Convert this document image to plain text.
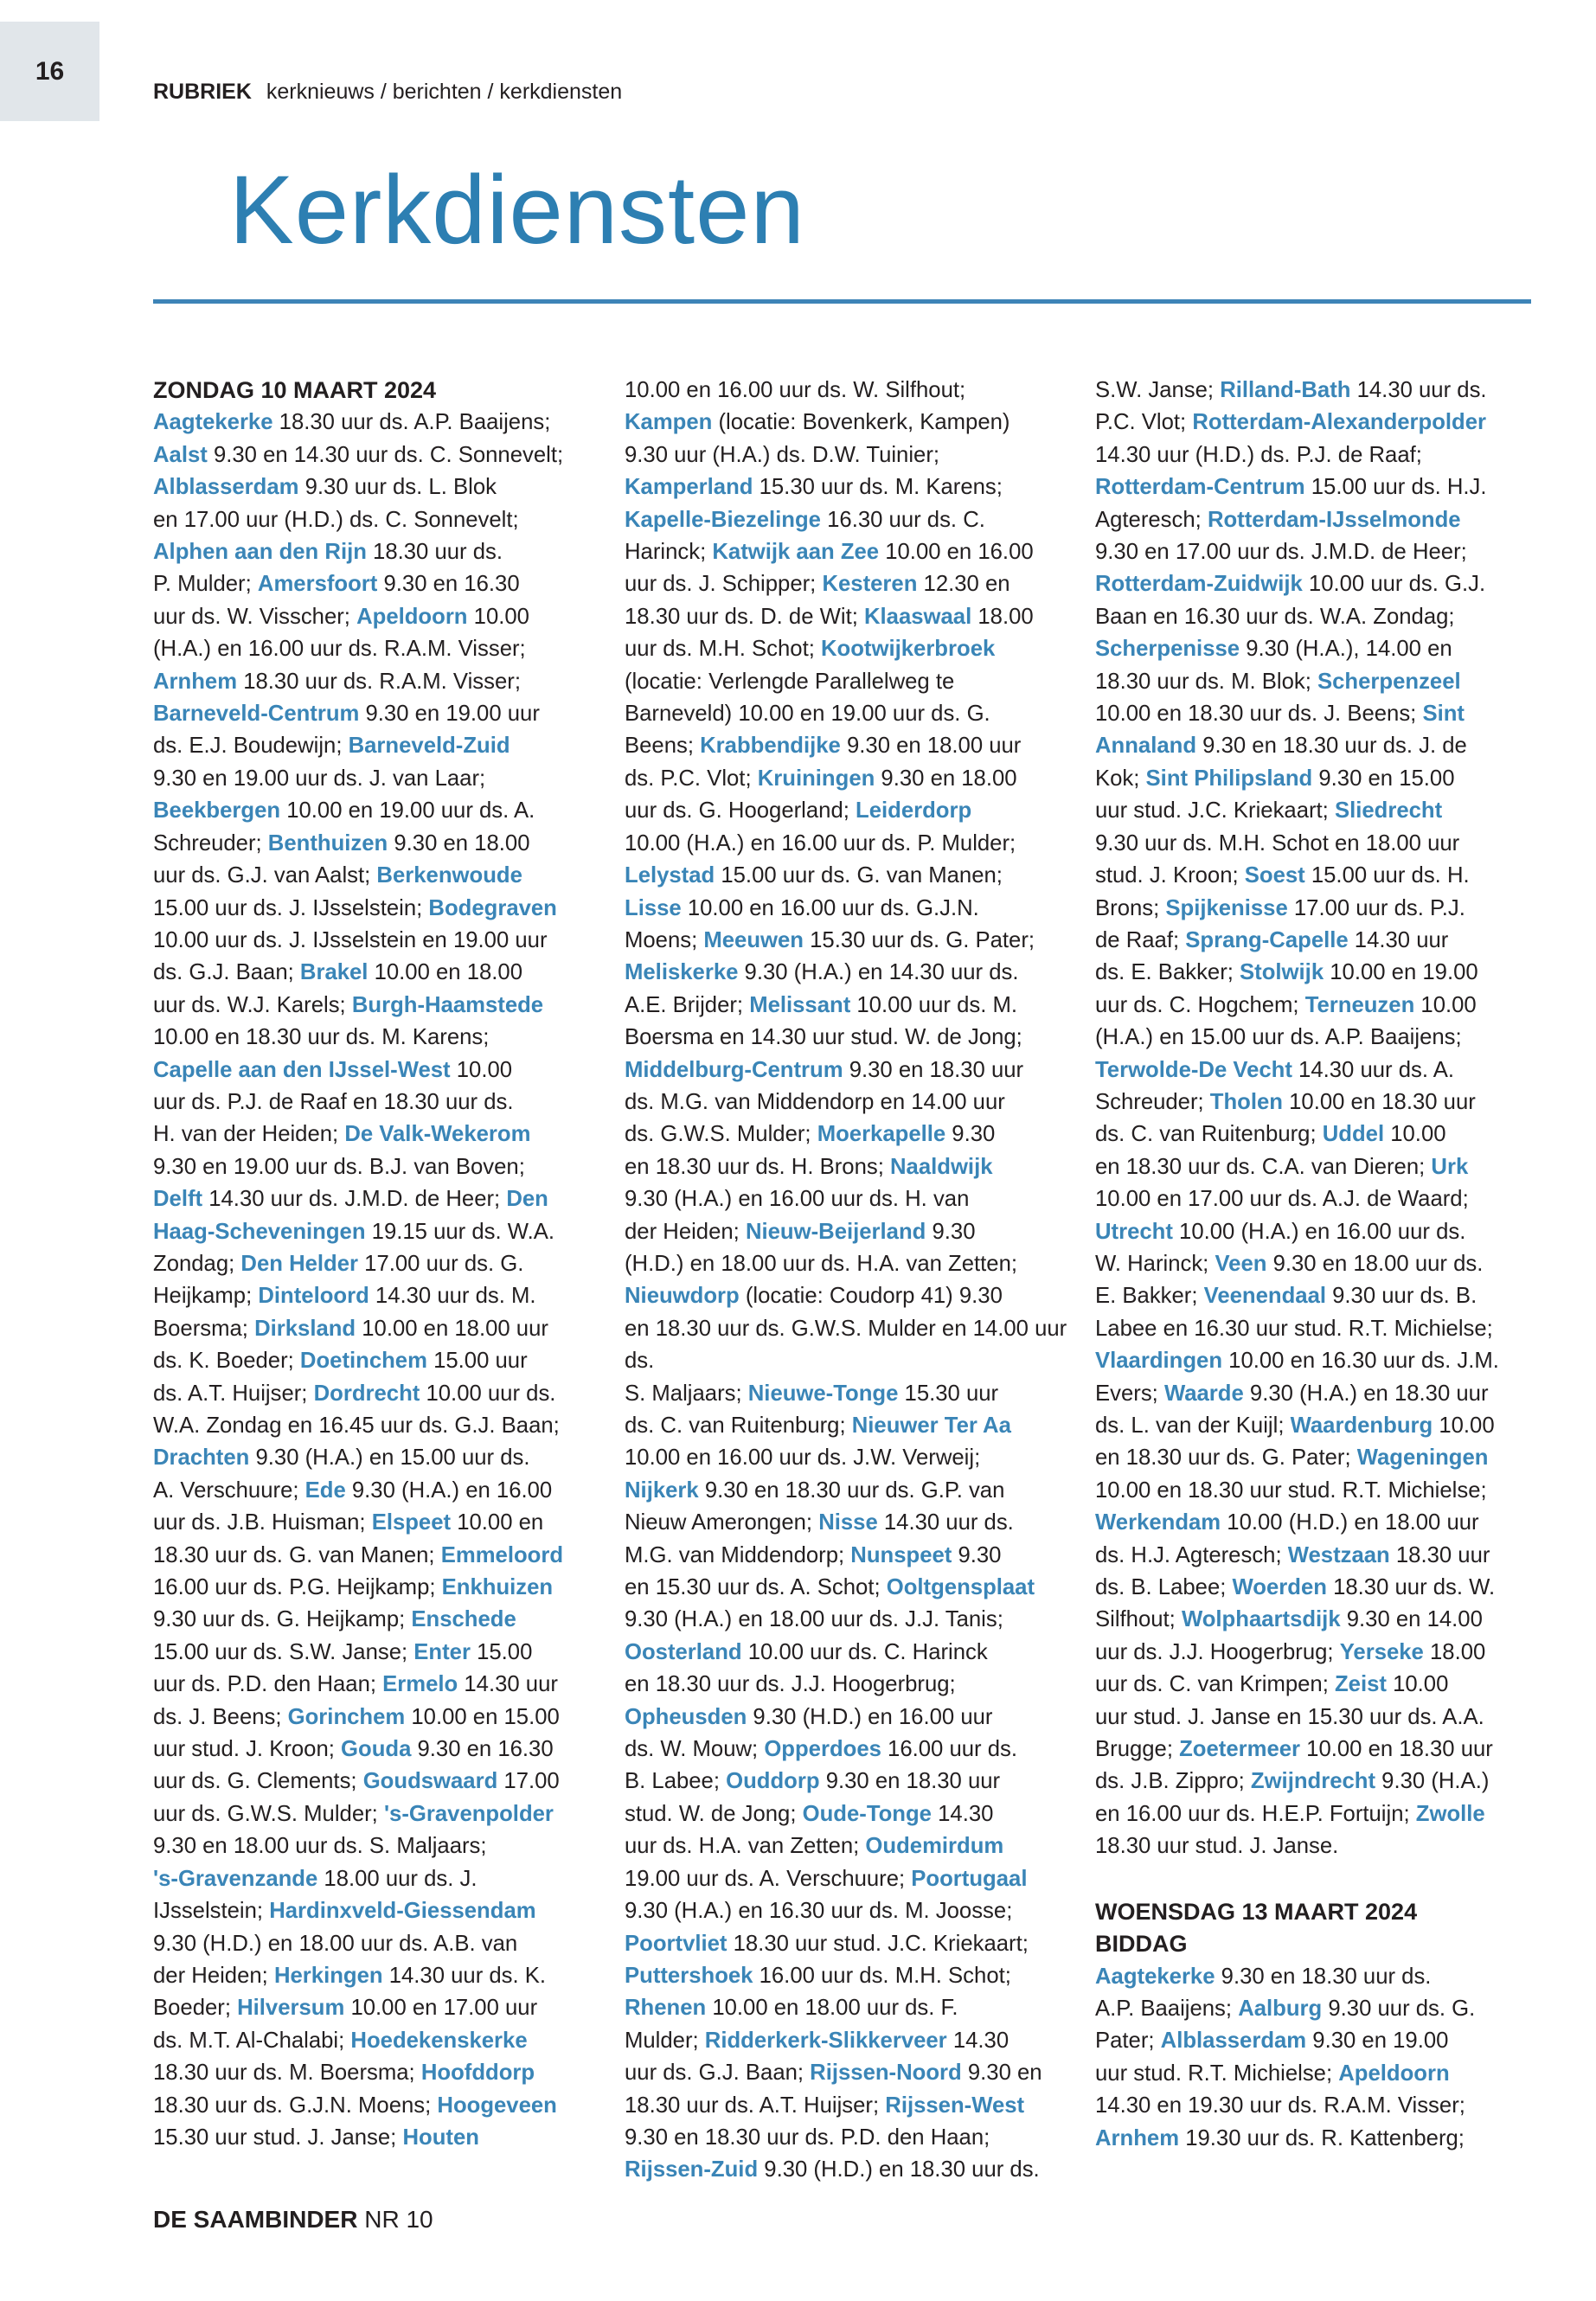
16
RUBRIEK kerknieuws / berichten / kerkdiensten
Kerkdiensten
ZONDAG 10 MAART 2024
Aagtekerke 18.30 uur ds. A.P. Baaijens;
Aalst 9.30 en 14.30 uur ds. C. Sonnevelt;
Alblasserdam 9.30 uur ds. L. Blok
en 17.00 uur (H.D.) ds. C. Sonnevelt;
Alphen aan den Rijn 18.30 uur ds.
P. Mulder; Amersfoort 9.30 en 16.30
uur ds. W. Visscher; Apeldoorn 10.00
(H.A.) en 16.00 uur ds. R.A.M. Visser;
Arnhem 18.30 uur ds. R.A.M. Visser;
Barneveld-Centrum 9.30 en 19.00 uur
ds. E.J. Boudewijn; Barneveld-Zuid
9.30 en 19.00 uur ds. J. van Laar;
Beekbergen 10.00 en 19.00 uur ds. A.
Schreuder; Benthuizen 9.30 en 18.00
uur ds. G.J. van Aalst; Berkenwoude
15.00 uur ds. J. IJsselstein; Bodegraven
10.00 uur ds. J. IJsselstein en 19.00 uur
ds. G.J. Baan; Brakel 10.00 en 18.00
uur ds. W.J. Karels; Burgh-Haamstede
10.00 en 18.30 uur ds. M. Karens;
Capelle aan den IJssel-West 10.00
uur ds. P.J. de Raaf en 18.30 uur ds.
H. van der Heiden; De Valk-Wekerom
9.30 en 19.00 uur ds. B.J. van Boven;
Delft 14.30 uur ds. J.M.D. de Heer; Den
Haag-Scheveningen 19.15 uur ds. W.A.
Zondag; Den Helder 17.00 uur ds. G.
Heijkamp; Dinteloord 14.30 uur ds. M.
Boersma; Dirksland 10.00 en 18.00 uur
ds. K. Boeder; Doetinchem 15.00 uur
ds. A.T. Huijser; Dordrecht 10.00 uur ds.
W.A. Zondag en 16.45 uur ds. G.J. Baan;
Drachten 9.30 (H.A.) en 15.00 uur ds.
A. Verschuure; Ede 9.30 (H.A.) en 16.00
uur ds. J.B. Huisman; Elspeet 10.00 en
18.30 uur ds. G. van Manen; Emmeloord
16.00 uur ds. P.G. Heijkamp; Enkhuizen
9.30 uur ds. G. Heijkamp; Enschede
15.00 uur ds. S.W. Janse; Enter 15.00
uur ds. P.D. den Haan; Ermelo 14.30 uur
ds. J. Beens; Gorinchem 10.00 en 15.00
uur stud. J. Kroon; Gouda 9.30 en 16.30
uur ds. G. Clements; Goudswaard 17.00
uur ds. G.W.S. Mulder; 's-Gravenpolder
9.30 en 18.00 uur ds. S. Maljaars;
's-Gravenzande 18.00 uur ds. J.
IJsselstein; Hardinxveld-Giessendam
9.30 (H.D.) en 18.00 uur ds. A.B. van
der Heiden; Herkingen 14.30 uur ds. K.
Boeder; Hilversum 10.00 en 17.00 uur
ds. M.T. Al-Chalabi; Hoedekenskerke
18.30 uur ds. M. Boersma; Hoofddorp
18.30 uur ds. G.J.N. Moens; Hoogeveen
15.30 uur stud. J. Janse; Houten
10.00 en 16.00 uur ds. W. Silfhout;
Kampen (locatie: Bovenkerk, Kampen)
9.30 uur (H.A.) ds. D.W. Tuinier;
Kamperland 15.30 uur ds. M. Karens;
Kapelle-Biezelinge 16.30 uur ds. C.
Harinck; Katwijk aan Zee 10.00 en 16.00
uur ds. J. Schipper; Kesteren 12.30 en
18.30 uur ds. D. de Wit; Klaaswaal 18.00
uur ds. M.H. Schot; Kootwijkerbroek
(locatie: Verlengde Parallelweg te
Barneveld) 10.00 en 19.00 uur ds. G.
Beens; Krabbendijke 9.30 en 18.00 uur
ds. P.C. Vlot; Kruiningen 9.30 en 18.00
uur ds. G. Hoogerland; Leiderdorp
10.00 (H.A.) en 16.00 uur ds. P. Mulder;
Lelystad 15.00 uur ds. G. van Manen;
Lisse 10.00 en 16.00 uur ds. G.J.N.
Moens; Meeuwen 15.30 uur ds. G. Pater;
Meliskerke 9.30 (H.A.) en 14.30 uur ds.
A.E. Brijder; Melissant 10.00 uur ds. M.
Boersma en 14.30 uur stud. W. de Jong;
Middelburg-Centrum 9.30 en 18.30 uur
ds. M.G. van Middendorp en 14.00 uur
ds. G.W.S. Mulder; Moerkapelle 9.30
en 18.30 uur ds. H. Brons; Naaldwijk
9.30 (H.A.) en 16.00 uur ds. H. van
der Heiden; Nieuw-Beijerland 9.30
(H.D.) en 18.00 uur ds. H.A. van Zetten;
Nieuwdorp (locatie: Coudorp 41) 9.30
en 18.30 uur ds. G.W.S. Mulder en 14.00 uur ds.
S. Maljaars; Nieuwe-Tonge 15.30 uur
ds. C. van Ruitenburg; Nieuwer Ter Aa
10.00 en 16.00 uur ds. J.W. Verweij;
Nijkerk 9.30 en 18.30 uur ds. G.P. van
Nieuw Amerongen; Nisse 14.30 uur ds.
M.G. van Middendorp; Nunspeet 9.30
en 15.30 uur ds. A. Schot; Ooltgensplaat
9.30 (H.A.) en 18.00 uur ds. J.J. Tanis;
Oosterland 10.00 uur ds. C. Harinck
en 18.30 uur ds. J.J. Hoogerbrug;
Opheusden 9.30 (H.D.) en 16.00 uur
ds. W. Mouw; Opperdoes 16.00 uur ds.
B. Labee; Ouddorp 9.30 en 18.30 uur
stud. W. de Jong; Oude-Tonge 14.30
uur ds. H.A. van Zetten; Oudemirdum
19.00 uur ds. A. Verschuure; Poortugaal
9.30 (H.A.) en 16.30 uur ds. M. Joosse;
Poortvliet 18.30 uur stud. J.C. Kriekaart;
Puttershoek 16.00 uur ds. M.H. Schot;
Rhenen 10.00 en 18.00 uur ds. F.
Mulder; Ridderkerk-Slikkerveer 14.30
uur ds. G.J. Baan; Rijssen-Noord 9.30 en
18.30 uur ds. A.T. Huijser; Rijssen-West
9.30 en 18.30 uur ds. P.D. den Haan;
Rijssen-Zuid 9.30 (H.D.) en 18.30 uur ds.
S.W. Janse; Rilland-Bath 14.30 uur ds.
P.C. Vlot; Rotterdam-Alexanderpolder
14.30 uur (H.D.) ds. P.J. de Raaf;
Rotterdam-Centrum 15.00 uur ds. H.J.
Agteresch; Rotterdam-IJsselmonde
9.30 en 17.00 uur ds. J.M.D. de Heer;
Rotterdam-Zuidwijk 10.00 uur ds. G.J.
Baan en 16.30 uur ds. W.A. Zondag;
Scherpenisse 9.30 (H.A.), 14.00 en
18.30 uur ds. M. Blok; Scherpenzeel
10.00 en 18.30 uur ds. J. Beens; Sint
Annaland 9.30 en 18.30 uur ds. J. de
Kok; Sint Philipsland 9.30 en 15.00
uur stud. J.C. Kriekaart; Sliedrecht
9.30 uur ds. M.H. Schot en 18.00 uur
stud. J. Kroon; Soest 15.00 uur ds. H.
Brons; Spijkenisse 17.00 uur ds. P.J.
de Raaf; Sprang-Capelle 14.30 uur
ds. E. Bakker; Stolwijk 10.00 en 19.00
uur ds. C. Hogchem; Terneuzen 10.00
(H.A.) en 15.00 uur ds. A.P. Baaijens;
Terwolde-De Vecht 14.30 uur ds. A.
Schreuder; Tholen 10.00 en 18.30 uur
ds. C. van Ruitenburg; Uddel 10.00
en 18.30 uur ds. C.A. van Dieren; Urk
10.00 en 17.00 uur ds. A.J. de Waard;
Utrecht 10.00 (H.A.) en 16.00 uur ds.
W. Harinck; Veen 9.30 en 18.00 uur ds.
E. Bakker; Veenendaal 9.30 uur ds. B.
Labee en 16.30 uur stud. R.T. Michielse;
Vlaardingen 10.00 en 16.30 uur ds. J.M.
Evers; Waarde 9.30 (H.A.) en 18.30 uur
ds. L. van der Kuijl; Waardenburg 10.00
en 18.30 uur ds. G. Pater; Wageningen
10.00 en 18.30 uur stud. R.T. Michielse;
Werkendam 10.00 (H.D.) en 18.00 uur
ds. H.J. Agteresch; Westzaan 18.30 uur
ds. B. Labee; Woerden 18.30 uur ds. W.
Silfhout; Wolphaartsdijk 9.30 en 14.00
uur ds. J.J. Hoogerbrug; Yerseke 18.00
uur ds. C. van Krimpen; Zeist 10.00
uur stud. J. Janse en 15.30 uur ds. A.A.
Brugge; Zoetermeer 10.00 en 18.30 uur
ds. J.B. Zippro; Zwijndrecht 9.30 (H.A.)
en 16.00 uur ds. H.E.P. Fortuijn; Zwolle
18.30 uur stud. J. Janse.
WOENSDAG 13 MAART 2024
BIDDAG
Aagtekerke 9.30 en 18.30 uur ds.
A.P. Baaijens; Aalburg 9.30 uur ds. G.
Pater; Alblasserdam 9.30 en 19.00
uur stud. R.T. Michielse; Apeldoorn
14.30 en 19.30 uur ds. R.A.M. Visser;
Arnhem 19.30 uur ds. R. Kattenberg;
DE SAAMBINDER NR 10
